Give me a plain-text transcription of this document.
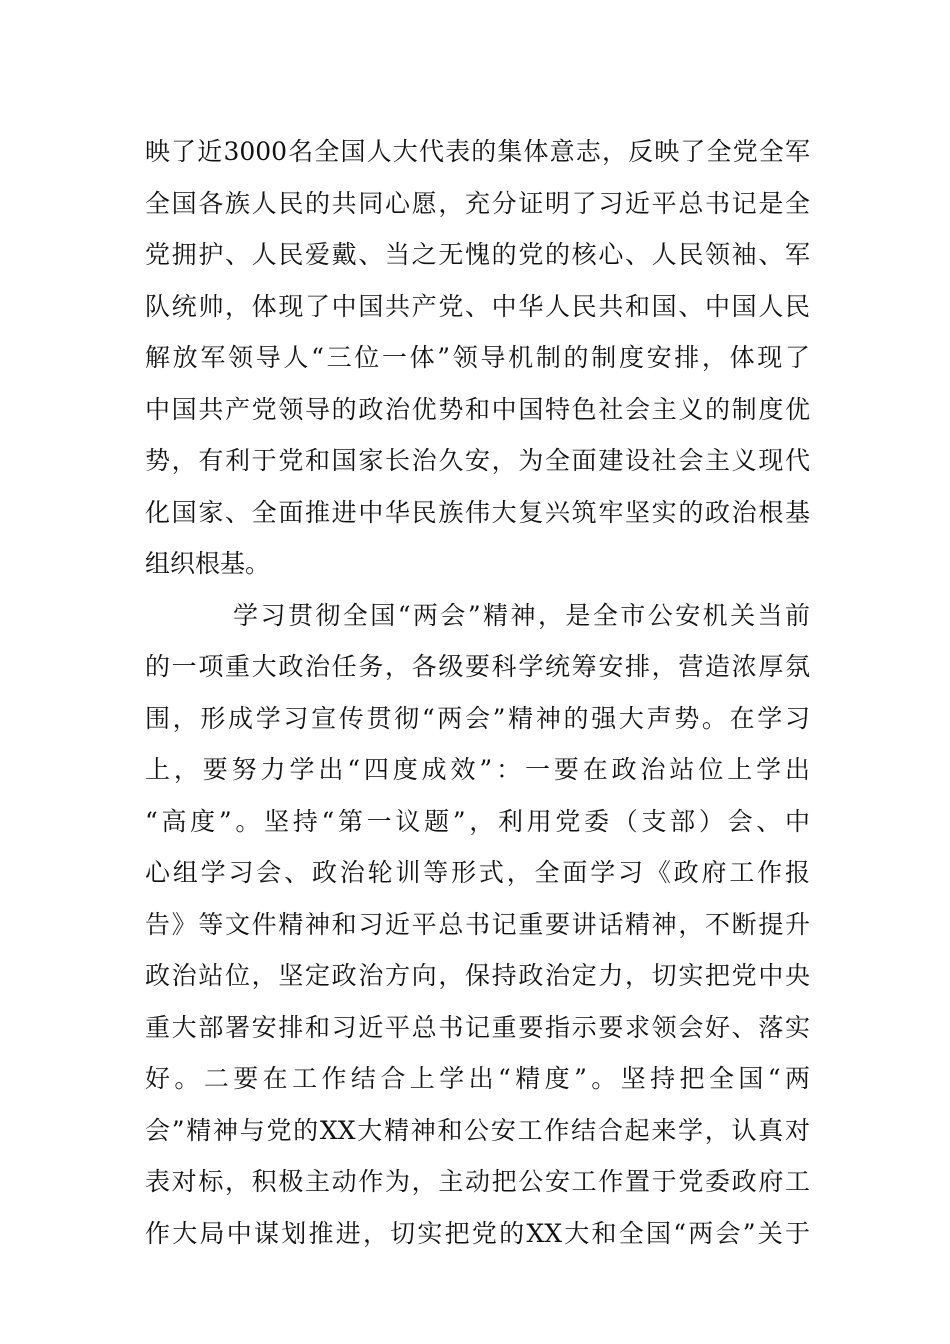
映了近3000名全国人大代表的集体意志，反映了全党全军
全国各族人民的共同心愿，充分证明了习近平总书记是全
党拥护、人民爱戴、当之无愧的党的核心、人民领袖、军
队统帅，体现了中国共产党、中华人民共和国、中国人民
解放军领导人“三位一体”领导机制的制度安排，体现了
中国共产党领导的政治优势和中国特色社会主义的制度优
势，有利于党和国家长治久安，为全面建设社会主义现代
化国家、全面推进中华民族伟大复兴筑牢坚实的政治根基
组织根基。
学习贯彻全国“两会”精神，是全市公安机关当前
的一项重大政治任务，各级要科学统筹安排，营造浓厚氛
围，形成学习宣传贯彻“两会”精神的强大声势。在学习
上，要努力学出“四度成效”：一要在政治站位上学出
“高度”。坚持“第一议题”，利用党委（支部）会、中
心组学习会、政治轮训等形式，全面学习《政府工作报
告》等文件精神和习近平总书记重要讲话精神，不断提升
政治站位，坚定政治方向，保持政治定力，切实把党中央
重大部署安排和习近平总书记重要指示要求领会好、落实
好。二要在工作结合上学出“精度”。坚持把全国“两
会”精神与党的XX大精神和公安工作结合起来学，认真对
表对标，积极主动作为，主动把公安工作置于党委政府工
作大局中谋划推进，切实把党的XX大和全国“两会”关于
